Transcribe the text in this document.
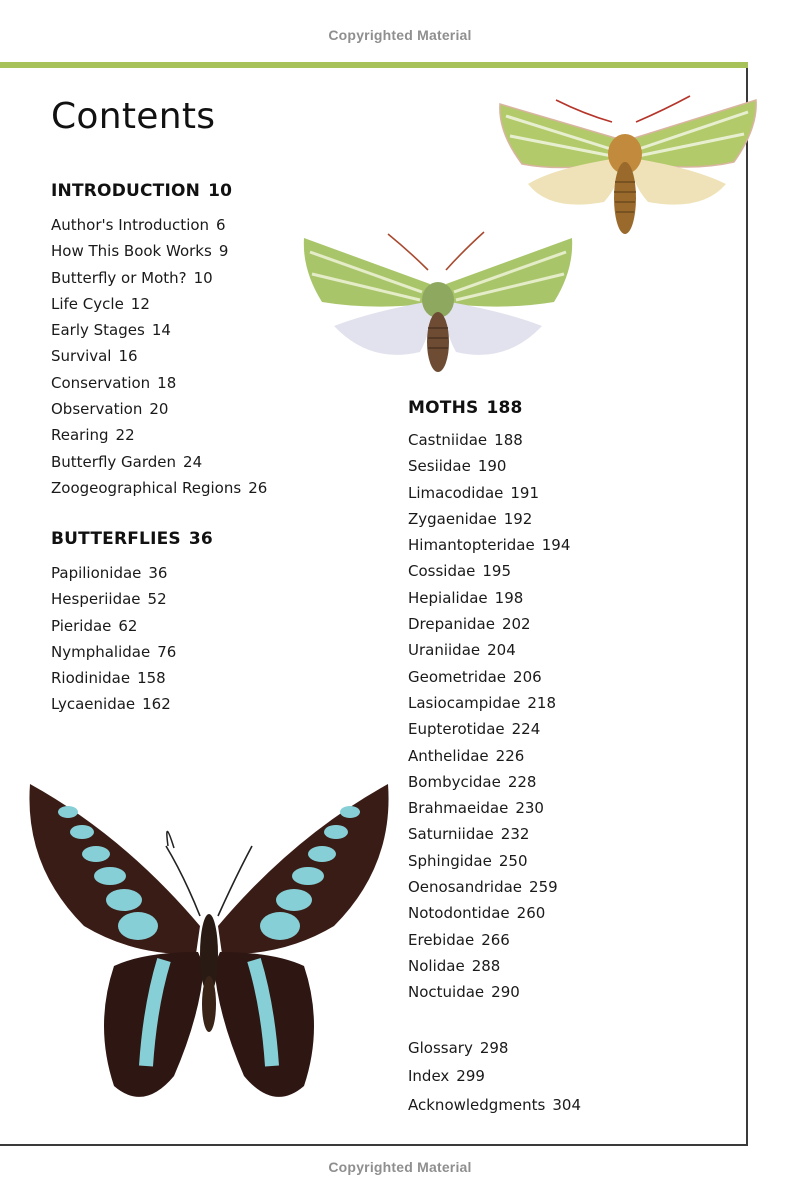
Copyrighted Material
Contents
INTRODUCTION 10
Author's Introduction 6
How This Book Works 9
Butterfly or Moth? 10
Life Cycle 12
Early Stages 14
Survival 16
Conservation 18
Observation 20
Rearing 22
Butterfly Garden 24
Zoogeographical Regions 26
BUTTERFLIES 36
Papilionidae 36
Hesperiidae 52
Pieridae 62
Nymphalidae 76
Riodinidae 158
Lycaenidae 162
MOTHS 188
Castniidae 188
Sesiidae 190
Limacodidae 191
Zygaenidae 192
Himantopteridae 194
Cossidae 195
Hepialidae 198
Drepanidae 202
Uraniidae 204
Geometridae 206
Lasiocampidae 218
Eupterotidae 224
Anthelidae 226
Bombycidae 228
Brahmaeidae 230
Saturniidae 232
Sphingidae 250
Oenosandridae 259
Notodontidae 260
Erebidae 266
Nolidae 288
Noctuidae 290
Glossary 298
Index 299
Acknowledgments 304
Copyrighted Material
